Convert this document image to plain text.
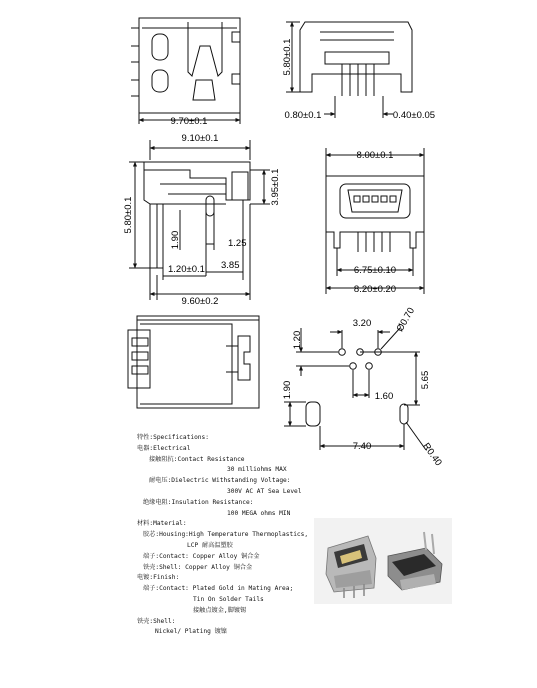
9.70±0.1
5.80±0.1
0.80±0.1	0.40±0.05
9.10±0.1
5.80±0.1
3.95±0.1
1.90	1.25
1.20±0.1 3.85
9.60±0.2
8.00±0.1
6.75±0.10
8.20±0.20
3.20 Ø0.70
1.20
1.60
5.65
1.90
7.40	R0.40
特性:Specifications:
电器:Electrical
接触阻抗:Contact Resistance
30 milliohms MAX
耐电压:Dielectric Withstanding Voltage:
300V AC AT Sea Level
绝缘电阻:Insulation Resistance:
100 MEGA ohms MIN
材料:Material:
胶芯:Housing:High Temperature Thermoplastics,
LCP 耐高温塑胶
端子:Contact: Copper Alloy 铜合金
铁壳:Shell: Copper Alloy 铜合金
电镀:Finish:
端子:Contact: Plated Gold in Mating Area;
Tin On Solder Tails
接触点镀金,脚镀锡
铁壳:Shell:
Nickel/ Plating 镀镍
